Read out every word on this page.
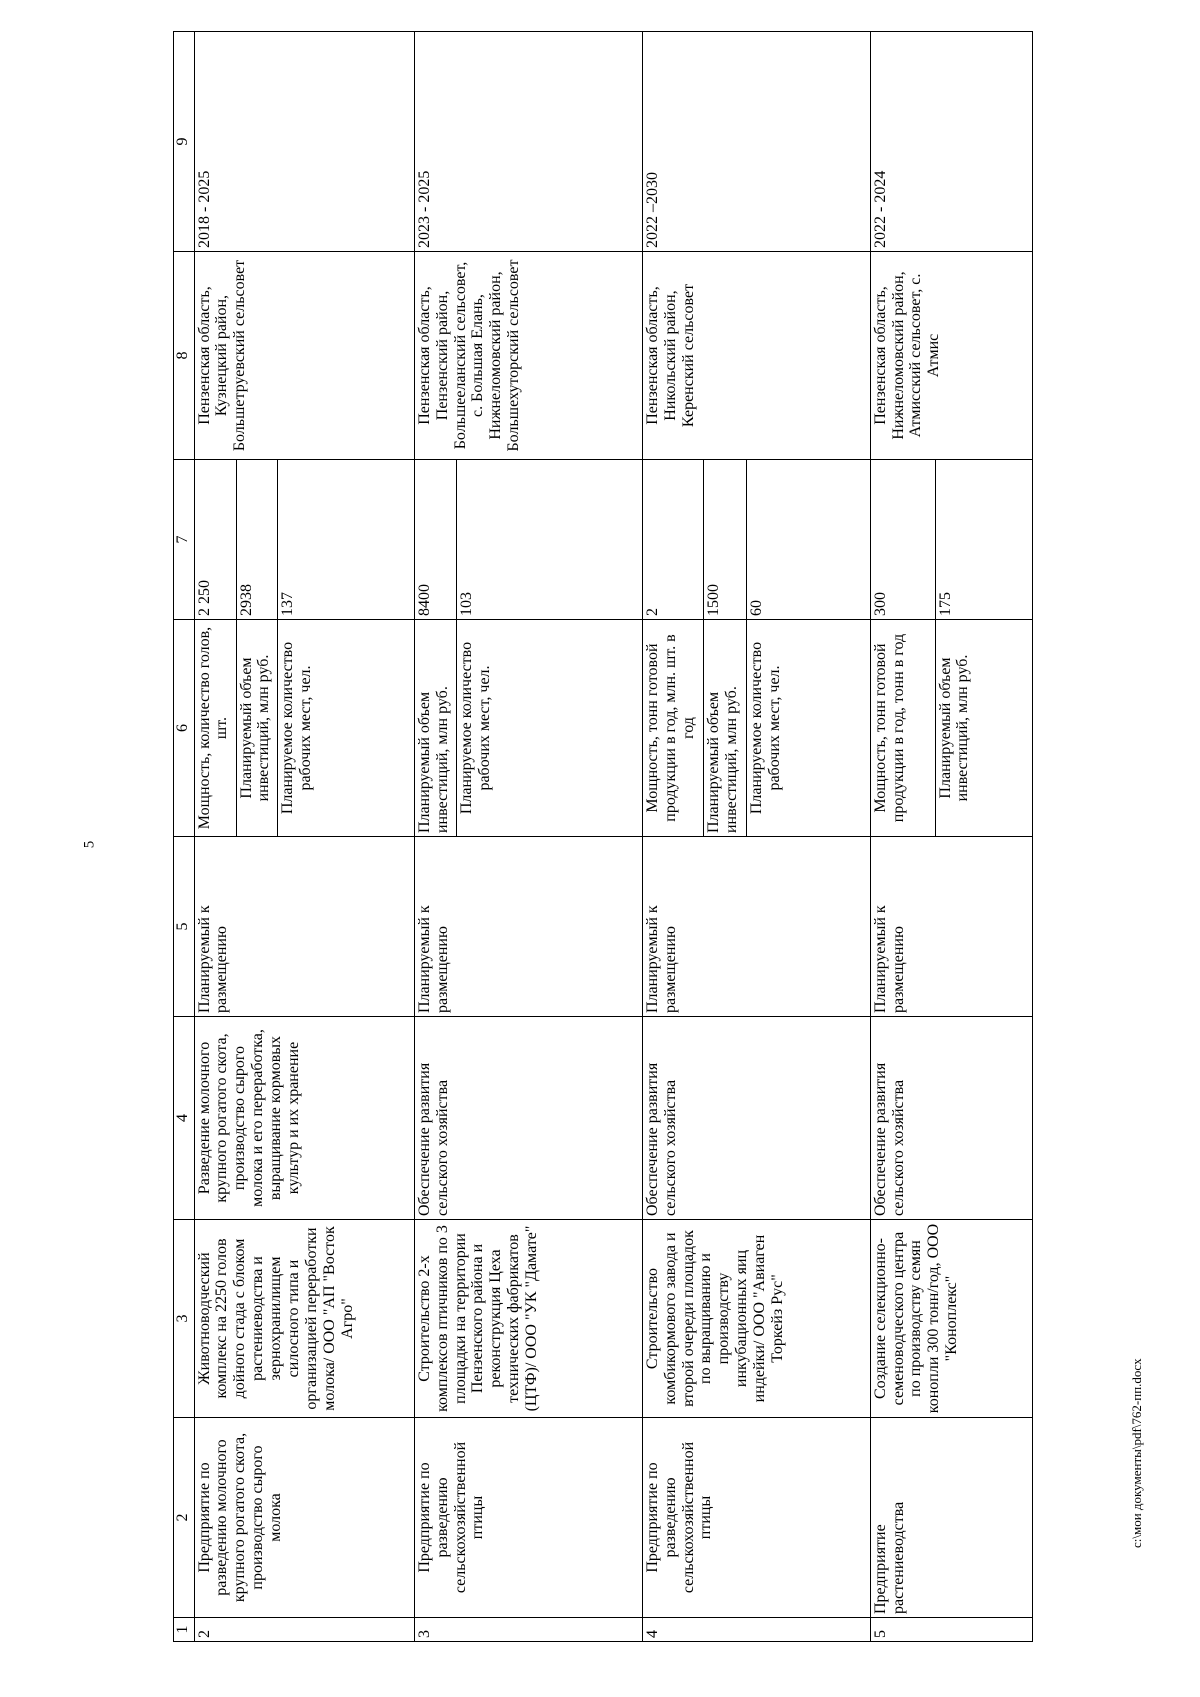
5
1	2	3	4	5	6	7	8	9
2	Предприятие по разведению молочного крупного рогатого скота, производство сырого молока	Животноводческий комплекс на 2250 голов дойного стада с блоком растениеводства и зернохранилищем силосного типа и организацией переработки молока/ ООО "АП "Восток Агро"	Разведение молочного крупного рогатого скота, производство сырого молока и его переработка, выращивание кормовых культур и их хранение	Планируемый к размещению	Мощность, количество голов, шт.	2 250	Пензенская область, Кузнецкий район, Большетруевский сельсовет	2018 - 2025
					Планируемый объем инвестиций, млн руб.	2938		
					Планируемое количество рабочих мест, чел.	137		
3	Предприятие по разведению сельскохозяйственной птицы	Строительство 2-х комплексов птичников по 3 площадки на территории Пензенского района и реконструкция Цеха технических фабрикатов (ЦТФ)/ ООО "УК "Дамате"	Обеспечение развития сельского хозяйства	Планируемый к размещению	Планируемый объем инвестиций, млн руб.	8400	Пензенская область, Пензенский район, Большееланский сельсовет, с. Большая Елань, Нижнеломовский район, Большехуторский сельсовет	2023 - 2025
					Планируемое количество рабочих мест, чел.	103		
4	Предприятие по разведению сельскохозяйственной птицы	Строительство комбикормового завода и второй очереди площадок по выращиванию и производству инкубационных яиц индейки/ ООО "Авиаген Торкейз Рус"	Обеспечение развития сельского хозяйства	Планируемый к размещению	Мощность, тонн готовой продукции в год, млн. шт. в год	2	Пензенская область, Никольский район, Керенский сельсовет	2022 –2030
					Планируемый объем инвестиций, млн руб.	1500		
					Планируемое количество рабочих мест, чел.	60		
5	Предприятие растениеводства	Создание селекционно-семеноводческого центра по производству семян конопли 300 тонн/год, ООО "Коноплекс"	Обеспечение развития сельского хозяйства	Планируемый к размещению	Мощность, тонн готовой продукции в год, тонн в год	300	Пензенская область, Нижнеломовский район, Атмисский сельсовет, с. Атмис	2022 - 2024
					Планируемый объем инвестиций, млн руб.	175		
c:\мои документы\pdf\762-пп.docx
